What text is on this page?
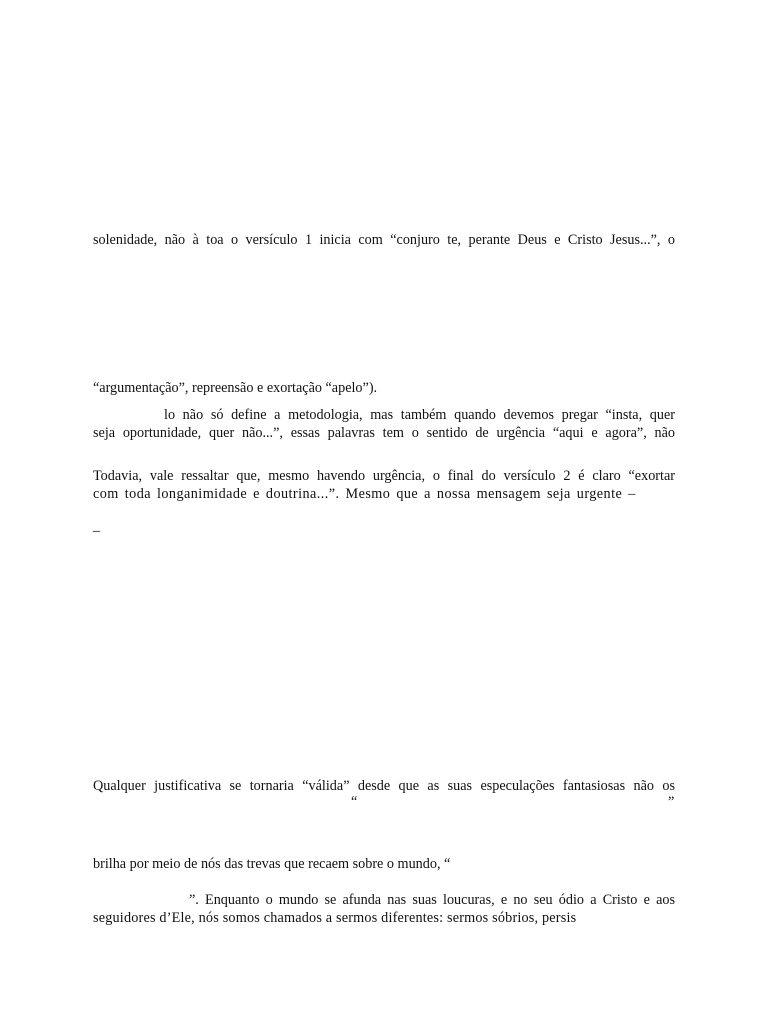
solenidade, não à toa o versículo 1 inicia com “conjuro te, perante Deus e Cristo Jesus...”, o
“argumentação”, repreensão e exortação “apelo”).
lo não só define a metodologia, mas também quando devemos pregar “insta, quer
seja oportunidade, quer não...”, essas palavras tem o sentido de urgência “aqui e agora”, não
Todavia, vale ressaltar que, mesmo havendo urgência, o final do versículo 2 é claro “exortar
com toda longanimidade e doutrina...”. Mesmo que a nossa mensagem seja urgente –
_
Qualquer justificativa se tornaria “válida” desde que as suas especulações fantasiosas não os
“	”
brilha por meio de nós das trevas que recaem sobre o mundo, “
”. Enquanto o mundo se afunda nas suas loucuras, e no seu ódio a Cristo e aos
seguidores d’Ele, nós somos chamados a sermos diferentes: sermos sóbrios, persis
